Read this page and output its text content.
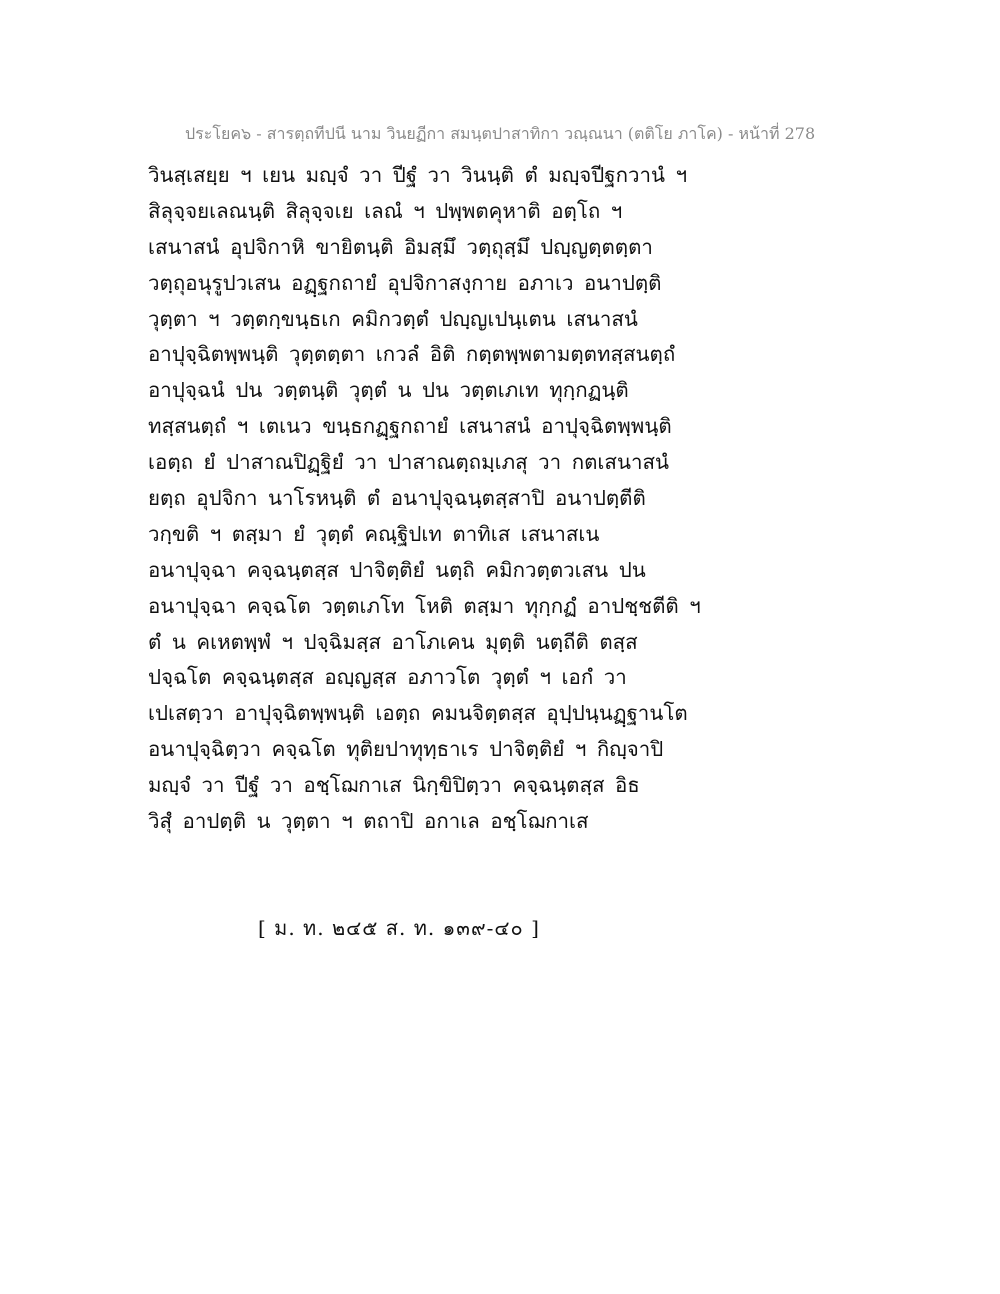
ประโยค๖ - สารตฺถทีปนี นาม วินยฏีกา สมนฺตปาสาทิกา วณฺณนา (ตติโย ภาโค) - หน้าที่ 278
วินสฺเสยฺย ฯ เยน มญฺจํ วา ปีฐํ วา วินนฺติ ตํ มญฺจปีฐกวานํ ฯ
สิลุจฺจยเลณนฺติ สิลุจฺจเย เลณํ ฯ ปพฺพตคุหาติ อตฺโถ ฯ
เสนาสนํ อุปจิกาหิ ขายิตนฺติ อิมสฺมึ วตฺถุสฺมึ ปญฺญตฺตตฺตา
วตฺถุอนุรูปวเสน อฏฺฐกถายํ อุปจิกาสงฺกาย อภาเว อนาปตฺติ
วุตฺตา ฯ วตฺตกฺขนฺธเก คมิกวตฺตํ ปญฺญเปนฺเตน เสนาสนํ
อาปุจฺฉิตพฺพนฺติ วุตฺตตฺตา เกวลํ อิติ กตฺตพฺพตามตฺตทสฺสนตฺถํ
อาปุจฺฉนํ ปน วตฺตนฺติ วุตฺตํ น ปน วตฺตเภเท ทุกฺกฏนฺติ
ทสฺสนตฺถํ ฯ เตเนว ขนฺธกฏฺฐกถายํ เสนาสนํ อาปุจฺฉิตพฺพนฺติ
เอตฺถ ยํ ปาสาณปิฏฺฐิยํ วา ปาสาณตฺถมฺเภสุ วา กตเสนาสนํ
ยตฺถ อุปจิกา นาโรหนฺติ ตํ อนาปุจฺฉนฺตสฺสาปิ อนาปตฺตีติ
วกฺขติ ฯ ตสฺมา ยํ วุตฺตํ คณฺฐิปเท ตาทิเส เสนาสเน
อนาปุจฺฉา คจฺฉนฺตสฺส ปาจิตฺติยํ นตฺถิ คมิกวตฺตวเสน ปน
อนาปุจฺฉา คจฺฉโต วตฺตเภโท โหติ ตสฺมา ทุกฺกฏํ อาปชฺชตีติ ฯ
ตํ น คเหตพฺพํ ฯ ปจฺฉิมสฺส อาโภเคน มุตฺติ นตฺถีติ ตสฺส
ปจฺฉโต คจฺฉนฺตสฺส อญฺญสฺส อภาวโต วุตฺตํ ฯ เอกํ วา
เปเสตฺวา อาปุจฺฉิตพฺพนฺติ เอตฺถ คมนจิตฺตสฺส อุปฺปนฺนฏฺฐานโต
อนาปุจฺฉิตฺวา คจฺฉโต ทุติยปาทุทฺธาเร ปาจิตฺติยํ ฯ กิญฺจาปิ
มญฺจํ วา ปีฐํ วา อชฺโฌกาเส นิกฺขิปิตฺวา คจฺฉนฺตสฺส อิธ
วิสุํ อาปตฺติ น วุตฺตา ฯ ตถาปิ อกาเล อชฺโฌกาเส
[ ม. ท. ๒๔๕ ส. ท. ๑๓๙-๔๐ ]
